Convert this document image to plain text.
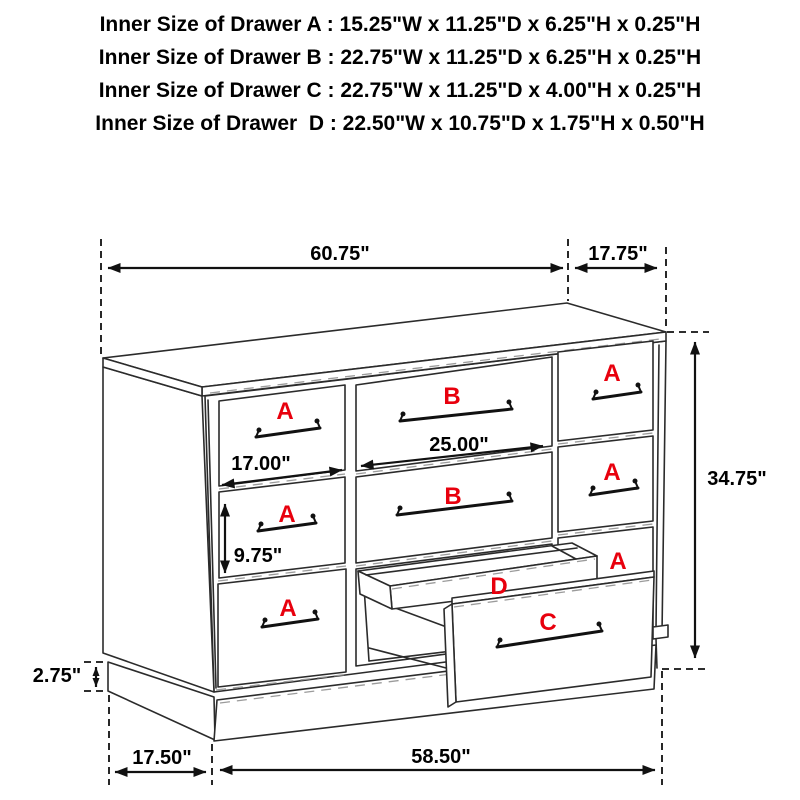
Inner Size of Drawer A : 15.25"W x 11.25"D x 6.25"H x 0.25"H
Inner Size of Drawer B : 22.75"W x 11.25"D x 6.25"H x 0.25"H
Inner Size of Drawer C : 22.75"W x 11.25"D x 4.00"H x 0.25"H
Inner Size of Drawer  D : 22.50"W x 10.75"D x 1.75"H x 0.50"H
A
A
A
B
B
A
A
A
D
C
60.75"	17.75"
34.75"
17.00"
25.00"
9.75"
2.75"
17.50"	58.50"
